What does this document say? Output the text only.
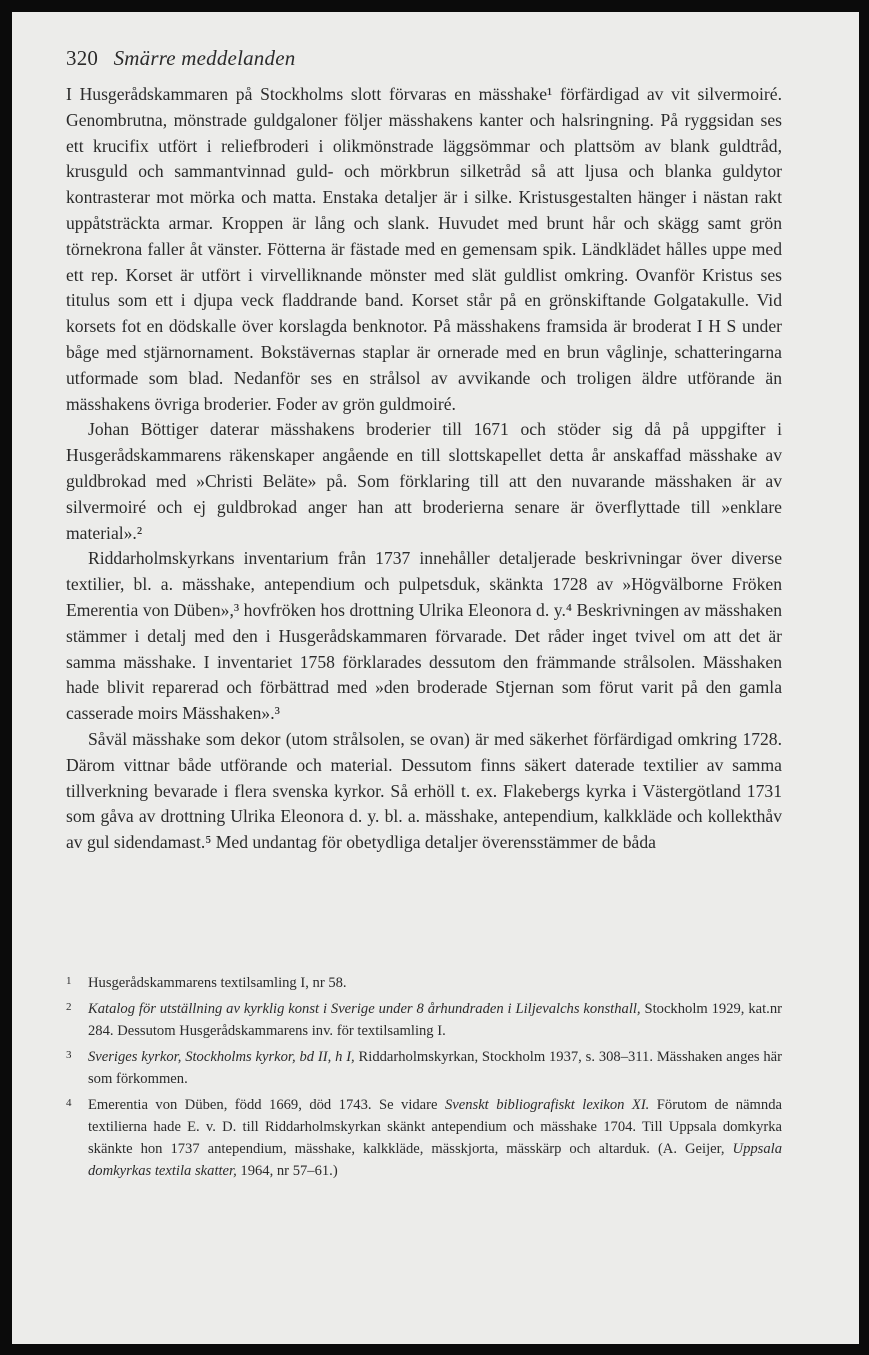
320 Smärre meddelanden

I Husgerådskammaren på Stockholms slott förvaras en mässhake¹ förfärdigad av vit silvermoiré. Genombrutna, mönstrade guldgaloner följer mässhakens kanter och halsringning. På ryggsidan ses ett krucifix utfört i reliefbroderi i olikmönstrade läggsömmar och plattsöm av blank guldtråd, krusguld och sammantvinnad guld- och mörkbrun silketråd så att ljusa och blanka guldytor kontrasterar mot mörka och matta. Enstaka detaljer är i silke. Kristusgestalten hänger i nästan rakt uppåtsträckta armar. Kroppen är lång och slank. Huvudet med brunt hår och skägg samt grön törnekrona faller åt vänster. Fötterna är fästade med en gemensam spik. Ländklädet hålles uppe med ett rep. Korset är utfört i virvelliknande mönster med slät guldlist omkring. Ovanför Kristus ses titulus som ett i djupa veck fladdrande band. Korset står på en grönskiftande Golgatakulle. Vid korsets fot en dödskalle över korslagda benknotor. På mässhakens framsida är broderat I H S under båge med stjärnornament. Bokstävernas staplar är ornerade med en brun våglinje, schatteringarna utformade som blad. Nedanför ses en strålsol av avvikande och troligen äldre utförande än mässhakens övriga broderier. Foder av grön guldmoiré.

Johan Böttiger daterar mässhakens broderier till 1671 och stöder sig då på uppgifter i Husgerådskammarens räkenskaper angående en till slottskapellet detta år anskaffad mässhake av guldbrokad med »Christi Beläte» på. Som förklaring till att den nuvarande mässhaken är av silvermoiré och ej guldbrokad anger han att broderierna senare är överflyttade till »enklare material».²

Riddarholmskyrkans inventarium från 1737 innehåller detaljerade beskrivningar över diverse textilier, bl. a. mässhake, antependium och pulpetsduk, skänkta 1728 av »Högvälborne Fröken Emerentia von Düben»,³ hovfröken hos drottning Ulrika Eleonora d. y.⁴ Beskrivningen av mässhaken stämmer i detalj med den i Husgerådskammaren förvarade. Det råder inget tvivel om att det är samma mässhake. I inventariet 1758 förklarades dessutom den främmande strålsolen. Mässhaken hade blivit reparerad och förbättrad med »den broderade Stjernan som förut varit på den gamla casserade moirs Mässhaken».³

Såväl mässhake som dekor (utom strålsolen, se ovan) är med säkerhet förfärdigad omkring 1728. Därom vittnar både utförande och material. Dessutom finns säkert daterade textilier av samma tillverkning bevarade i flera svenska kyrkor. Så erhöll t. ex. Flakebergs kyrka i Västergötland 1731 som gåva av drottning Ulrika Eleonora d. y. bl. a. mässhake, antependium, kalkkläde och kollekthåv av gul sidendamast.⁵ Med undantag för obetydliga detaljer överensstämmer de båda

1 Husgerådskammarens textilsamling I, nr 58.

2 Katalog för utställning av kyrklig konst i Sverige under 8 århundraden i Liljevalchs konsthall, Stockholm 1929, kat.nr 284. Dessutom Husgerådskammarens inv. för textilsamling I.

3 Sveriges kyrkor, Stockholms kyrkor, bd II, h I, Riddarholmskyrkan, Stockholm 1937, s. 308–311. Mässhaken anges här som förkommen.

4 Emerentia von Düben, född 1669, död 1743. Se vidare Svenskt bibliografiskt lexikon XI. Förutom de nämnda textilierna hade E. v. D. till Riddarholmskyrkan skänkt antependium och mässhake 1704. Till Uppsala domkyrka skänkte hon 1737 antependium, mässhake, kalkkläde, mässkjorta, mässkärp och altarduk. (A. Geijer, Uppsala domkyrkas textila skatter, 1964, nr 57–61.)
